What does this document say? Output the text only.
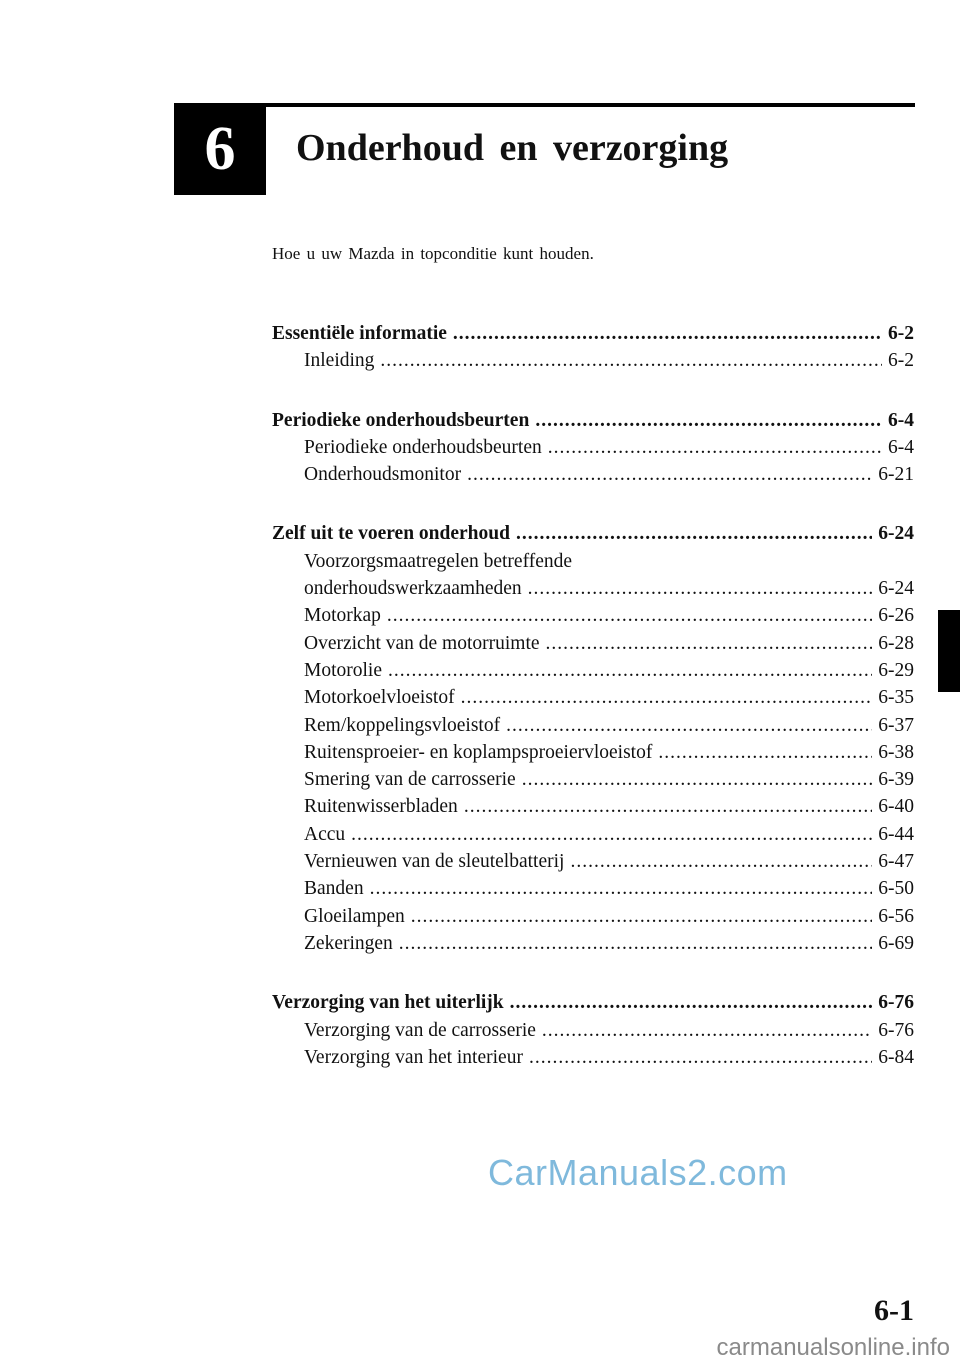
6	Onderhoud en verzorging
Hoe u uw Mazda in topconditie kunt houden.
Essentiële informatie .....	6-2
Inleiding .....	6-2
Periodieke onderhoudsbeurten .....	6-4
Periodieke onderhoudsbeurten .....	6-4
Onderhoudsmonitor .....	6-21
Zelf uit te voeren onderhoud .....	6-24
Voorzorgsmaatregelen betreffende
onderhoudswerkzaamheden .....	6-24
Motorkap .....	6-26
Overzicht van de motorruimte .....	6-28
Motorolie .....	6-29
Motorkoelvloeistof .....	6-35
Rem/koppelingsvloeistof .....	6-37
Ruitensproeier- en koplampsproeiervloeistof .....	6-38
Smering van de carrosserie .....	6-39
Ruitenwisserbladen .....	6-40
Accu .....	6-44
Vernieuwen van de sleutelbatterij .....	6-47
Banden .....	6-50
Gloeilampen .....	6-56
Zekeringen .....	6-69
Verzorging van het uiterlijk .....	6-76
Verzorging van de carrosserie .....	6-76
Verzorging van het interieur .....	6-84
CarManuals2.com
6-1
carmanualsonline.info
